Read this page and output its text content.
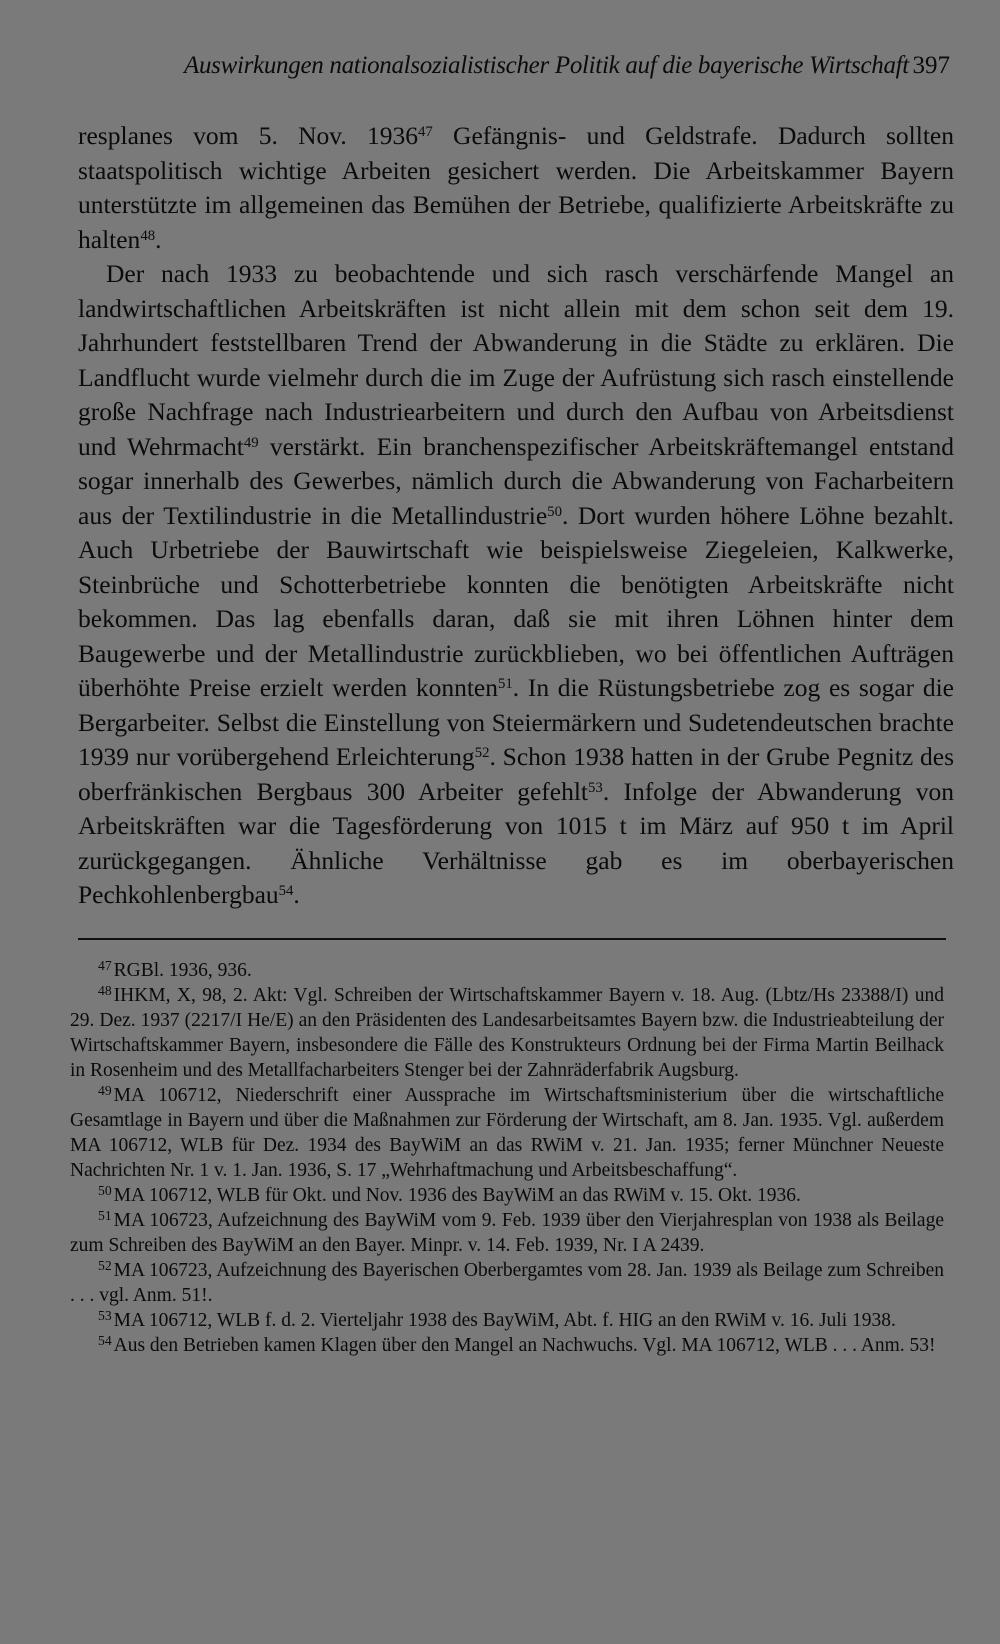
Auswirkungen nationalsozialistischer Politik auf die bayerische Wirtschaft 397

resplanes vom 5. Nov. 1936$^{47}$ Gefängnis- und Geldstrafe. Dadurch sollten staatspolitisch wichtige Arbeiten gesichert werden. Die Arbeitskammer Bayern unterstützte im allgemeinen das Bemühen der Betriebe, qualifizierte Arbeitskräfte zu halten$^{48}$.

Der nach 1933 zu beobachtende und sich rasch verschärfende Mangel an landwirtschaftlichen Arbeitskräften ist nicht allein mit dem schon seit dem 19. Jahrhundert feststellbaren Trend der Abwanderung in die Städte zu erklären. Die Landflucht wurde vielmehr durch die im Zuge der Aufrüstung sich rasch einstellende große Nachfrage nach Industriearbeitern und durch den Aufbau von Arbeitsdienst und Wehrmacht$^{49}$ verstärkt. Ein branchenspezifischer Arbeitskräftemangel entstand sogar innerhalb des Gewerbes, nämlich durch die Abwanderung von Facharbeitern aus der Textilindustrie in die Metallindustrie$^{50}$. Dort wurden höhere Löhne bezahlt. Auch Urbetriebe der Bauwirtschaft wie beispielsweise Ziegeleien, Kalkwerke, Steinbrüche und Schotterbetriebe konnten die benötigten Arbeitskräfte nicht bekommen. Das lag ebenfalls daran, daß sie mit ihren Löhnen hinter dem Baugewerbe und der Metallindustrie zurückblieben, wo bei öffentlichen Aufträgen überhöhte Preise erzielt werden konnten$^{51}$. In die Rüstungsbetriebe zog es sogar die Bergarbeiter. Selbst die Einstellung von Steiermärkern und Sudetendeutschen brachte 1939 nur vorübergehend Erleichterung$^{52}$. Schon 1938 hatten in der Grube Pegnitz des oberfränkischen Bergbaus 300 Arbeiter gefehlt$^{53}$. Infolge der Abwanderung von Arbeitskräften war die Tagesförderung von 1015 t im März auf 950 t im April zurückgegangen. Ähnliche Verhältnisse gab es im oberbayerischen Pechkohlenbergbau$^{54}$.

$^{47}$ RGBl. 1936, 936.

$^{48}$ IHKM, X, 98, 2. Akt: Vgl. Schreiben der Wirtschaftskammer Bayern v. 18. Aug. (Lbtz/Hs 23388/I) und 29. Dez. 1937 (2217/I He/E) an den Präsidenten des Landesarbeitsamtes Bayern bzw. die Industrieabteilung der Wirtschaftskammer Bayern, insbesondere die Fälle des Konstrukteurs Ordnung bei der Firma Martin Beilhack in Rosenheim und des Metallfacharbeiters Stenger bei der Zahnräderfabrik Augsburg.

$^{49}$ MA 106712, Niederschrift einer Aussprache im Wirtschaftsministerium über die wirtschaftliche Gesamtlage in Bayern und über die Maßnahmen zur Förderung der Wirtschaft, am 8. Jan. 1935. Vgl. außerdem MA 106712, WLB für Dez. 1934 des BayWiM an das RWiM v. 21. Jan. 1935; ferner Münchner Neueste Nachrichten Nr. 1 v. 1. Jan. 1936, S. 17 „Wehrhaftmachung und Arbeitsbeschaffung“.

$^{50}$ MA 106712, WLB für Okt. und Nov. 1936 des BayWiM an das RWiM v. 15. Okt. 1936.

$^{51}$ MA 106723, Aufzeichnung des BayWiM vom 9. Feb. 1939 über den Vierjahresplan von 1938 als Beilage zum Schreiben des BayWiM an den Bayer. Minpr. v. 14. Feb. 1939, Nr. I A 2439.

$^{52}$ MA 106723, Aufzeichnung des Bayerischen Oberbergamtes vom 28. Jan. 1939 als Beilage zum Schreiben . . . vgl. Anm. 51!.

$^{53}$ MA 106712, WLB f. d. 2. Vierteljahr 1938 des BayWiM, Abt. f. HIG an den RWiM v. 16. Juli 1938.

$^{54}$ Aus den Betrieben kamen Klagen über den Mangel an Nachwuchs. Vgl. MA 106712, WLB . . . Anm. 53!
